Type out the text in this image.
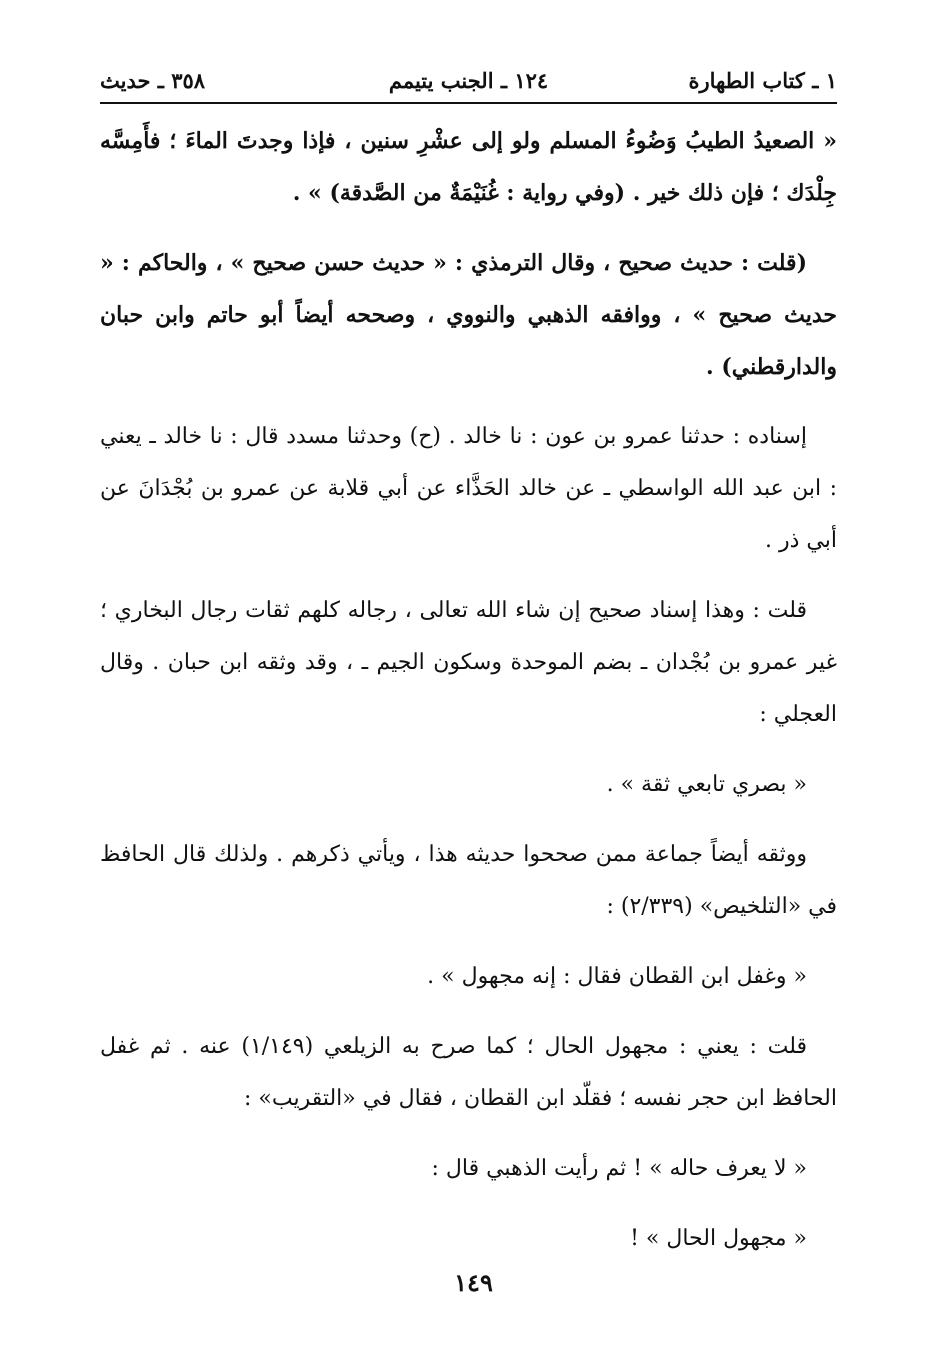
١ ـ كتاب الطهارة
١٢٤ ـ الجنب يتيمم
٣٥٨ ـ حديث

« الصعيدُ الطيبُ وَضُوءُ المسلم ولو إلى عشْرِ سنين ، فإذا وجدتَ الماءَ ؛ فأَمِسَّه جِلْدَك ؛ فإن ذلك خير . (وفي رواية : غُنَيْمَةٌ من الصَّدقة) » .

(قلت : حديث صحيح ، وقال الترمذي : « حديث حسن صحيح » ، والحاكم : « حديث صحيح » ، ووافقه الذهبي والنووي ، وصححه أيضاً أبو حاتم وابن حبان والدارقطني) .

إسناده : حدثنا عمرو بن عون : نا خالد . (ح) وحدثنا مسدد قال : نا خالد ـ يعني : ابن عبد الله الواسطي ـ عن خالد الحَذَّاء عن أبي قلابة عن عمرو بن بُجْدَانَ عن أبي ذر .

قلت : وهذا إسناد صحيح إن شاء الله تعالى ، رجاله كلهم ثقات رجال البخاري ؛ غير عمرو بن بُجْدان ـ بضم الموحدة وسكون الجيم ـ ، وقد وثقه ابن حبان . وقال العجلي :

« بصري تابعي ثقة » .

ووثقه أيضاً جماعة ممن صححوا حديثه هذا ، ويأتي ذكرهم . ولذلك قال الحافظ في «التلخيص» (٢/٣٣٩) :

« وغفل ابن القطان فقال : إنه مجهول » .

قلت : يعني : مجهول الحال ؛ كما صرح به الزيلعي (١/١٤٩) عنه . ثم غفل الحافظ ابن حجر نفسه ؛ فقلّد ابن القطان ، فقال في «التقريب» :

« لا يعرف حاله » ! ثم رأيت الذهبي قال :

« مجهول الحال » !

١٤٩
